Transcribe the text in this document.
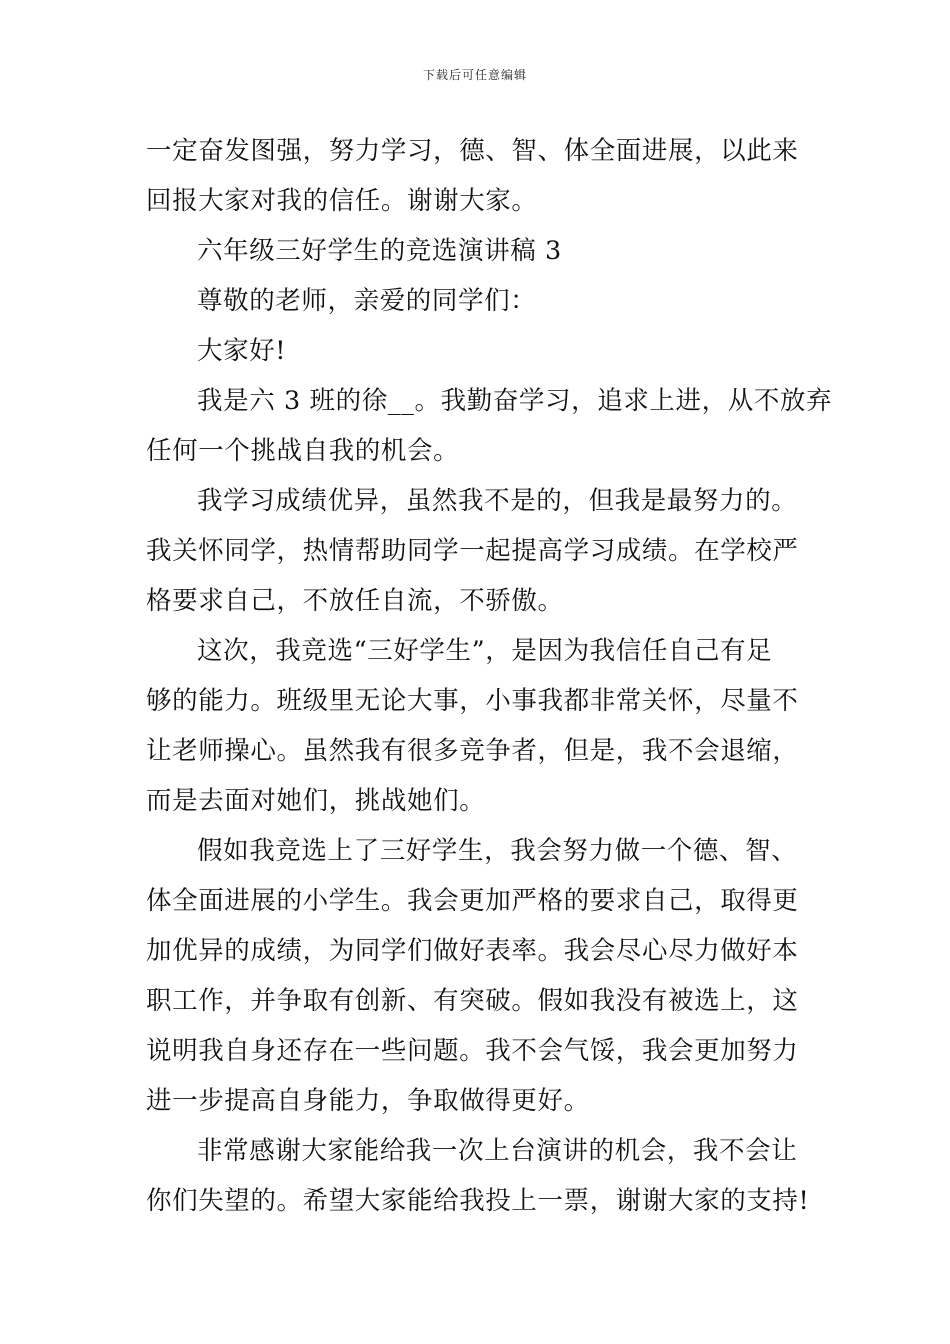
下载后可任意编辑
一定奋发图强，努力学习，德、智、体全面进展，以此来
回报大家对我的信任。谢谢大家。
六年级三好学生的竞选演讲稿 3
尊敬的老师，亲爱的同学们：
大家好!
我是六 3 班的徐__。我勤奋学习，追求上进，从不放弃
任何一个挑战自我的机会。
我学习成绩优异，虽然我不是的，但我是最努力的。
我关怀同学，热情帮助同学一起提高学习成绩。在学校严
格要求自己，不放任自流，不骄傲。
这次，我竞选“三好学生”，是因为我信任自己有足
够的能力。班级里无论大事，小事我都非常关怀，尽量不
让老师操心。虽然我有很多竞争者，但是，我不会退缩，
而是去面对她们，挑战她们。
假如我竞选上了三好学生，我会努力做一个德、智、
体全面进展的小学生。我会更加严格的要求自己，取得更
加优异的成绩，为同学们做好表率。我会尽心尽力做好本
职工作，并争取有创新、有突破。假如我没有被选上，这
说明我自身还存在一些问题。我不会气馁，我会更加努力
进一步提高自身能力，争取做得更好。
非常感谢大家能给我一次上台演讲的机会，我不会让
你们失望的。希望大家能给我投上一票，谢谢大家的支持!
